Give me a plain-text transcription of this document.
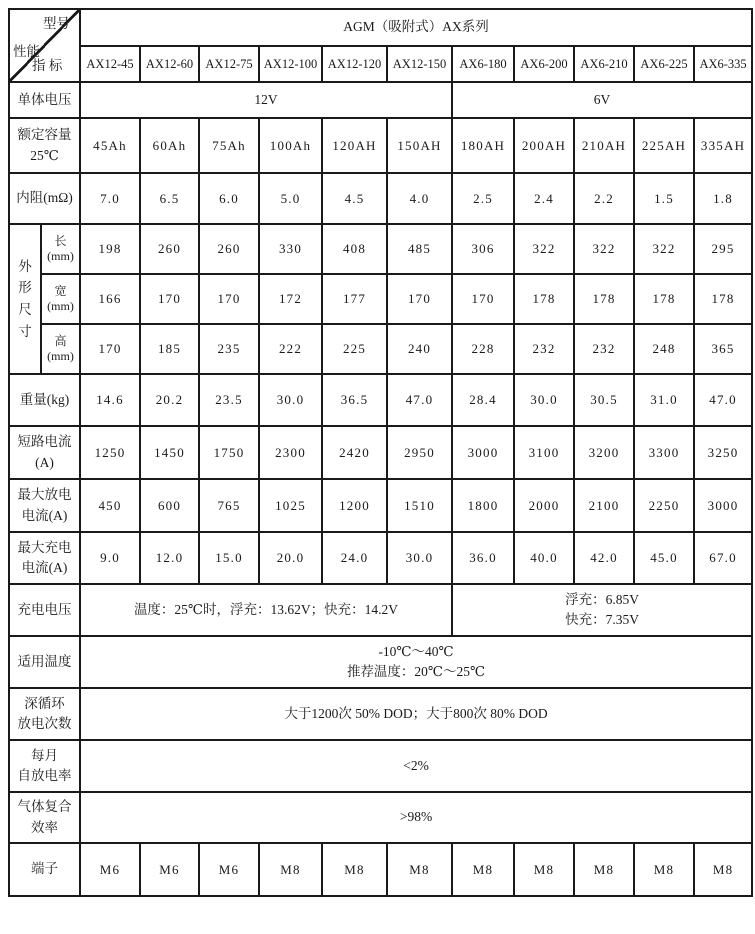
型号
性能
指 标		AGM（吸附式）AX系列										
		AX12-45	AX12-60	AX12-75	AX12-100	AX12-120	AX12-150	AX6-180	AX6-200	AX6-210	AX6-225	AX6-335
单体电压		12V						6V				
额定容量
25℃		45Ah	60Ah	75Ah	100Ah	120AH	150AH	180AH	200AH	210AH	225AH	335AH
内阻(mΩ)		7.0	6.5	6.0	5.0	4.5	4.0	2.5	2.4	2.2	1.5	1.8
外
形
尺
寸	长
(mm)	198	260	260	330	408	485	306	322	322	322	295
	宽
(mm)	166	170	170	172	177	170	170	178	178	178	178
	高
(mm)	170	185	235	222	225	240	228	232	232	248	365
重量(kg)		14.6	20.2	23.5	30.0	36.5	47.0	28.4	30.0	30.5	31.0	47.0
短路电流
(A)		1250	1450	1750	2300	2420	2950	3000	3100	3200	3300	3250
最大放电
电流(A)		450	600	765	1025	1200	1510	1800	2000	2100	2250	3000
最大充电
电流(A)		9.0	12.0	15.0	20.0	24.0	30.0	36.0	40.0	42.0	45.0	67.0
充电电压		温度：25℃时，浮充：13.62V；快充：14.2V						浮充：6.85V
快充：7.35V				
适用温度		-10℃～40℃
推荐温度：20℃～25℃										
深循环
放电次数		大于1200次 50% DOD；大于800次 80% DOD										
每月
自放电率		<2%										
气体复合
效率		>98%										
端子		M6	M6	M6	M8	M8	M8	M8	M8	M8	M8	M8
